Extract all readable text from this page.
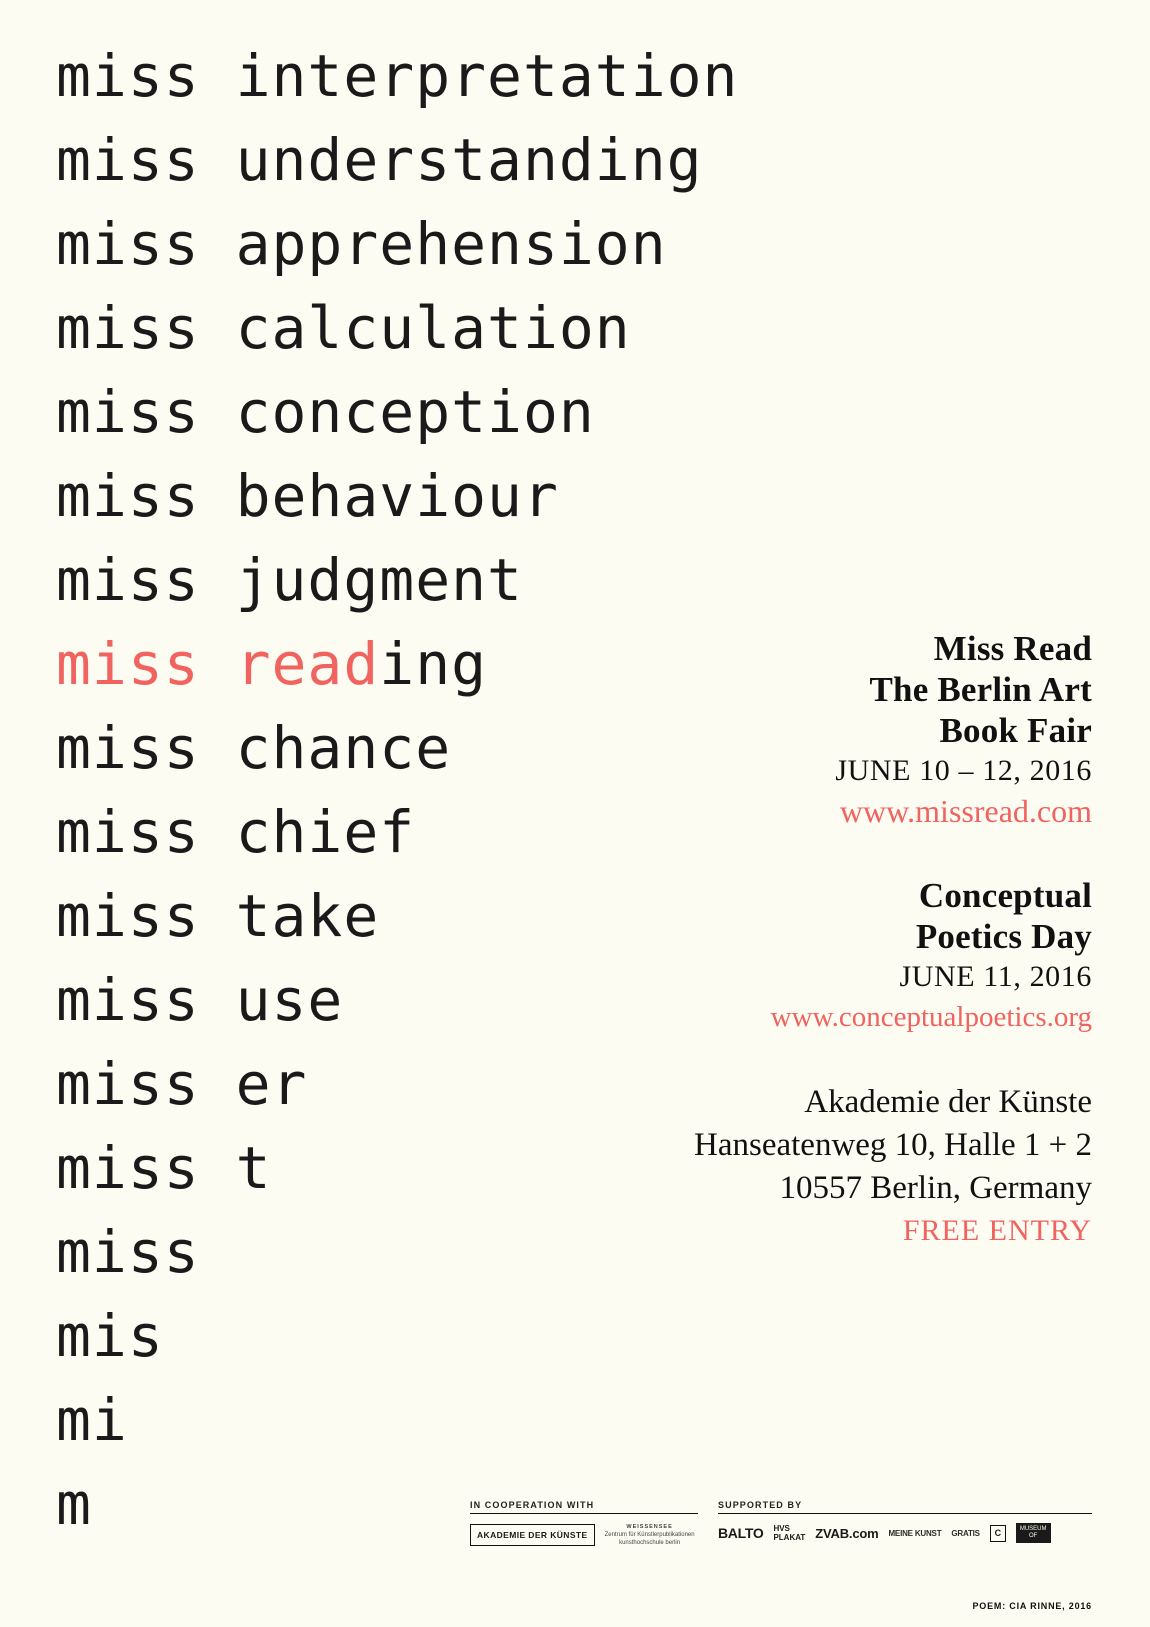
miss interpretation
miss understanding
miss apprehension
miss calculation
miss conception
miss behaviour
miss judgment
miss reading
miss chance
miss chief
miss take
miss use
miss er
miss t
miss
mis
mi
m
Miss Read
The Berlin Art
Book Fair
JUNE 10 – 12, 2016
www.missread.com
Conceptual
Poetics Day
JUNE 11, 2016
www.conceptualpoetics.org
Akademie der Künste
Hanseatenweg 10, Halle 1 + 2
10557 Berlin, Germany
FREE ENTRY
IN COOPERATION WITH
AKADEMIE DER KÜNSTE
WEISSENSEE
Zentrum für Künstlerpublikationen
kunsthochschule berlin
SUPPORTED BY
BALTO HVS
PLAKAT ZVAB.com MEINE KUNST GRATIS	C	MUSEUM
OF
POEM: CIA RINNE, 2016
